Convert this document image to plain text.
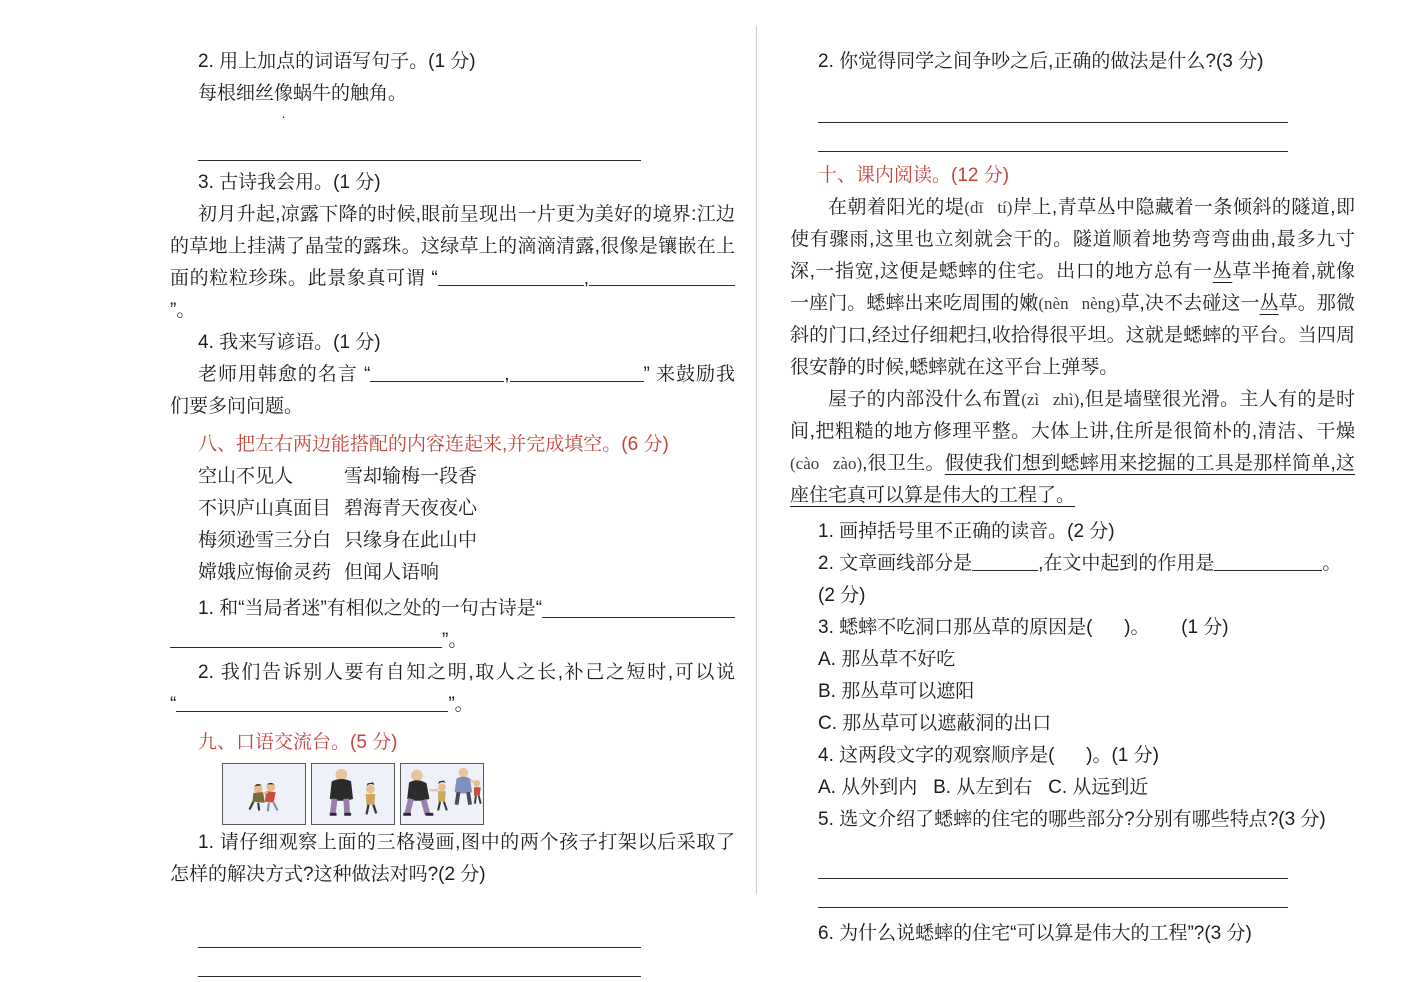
2. 用上加点的词语写句子。(1 分)
每根细丝像
·
蜗牛的触角。
3. 古诗我会用。(1 分)

初月升起,凉露下降的时候,眼前呈现出一片更为美好的境界:江边的草地上挂满了晶莹的露珠。这绿草上的滴滴清露,很像是镶嵌在上面的粒粒珍珠。此景象真可谓 “	,”。

4. 我来写谚语。(1 分)

老师用韩愈的名言 “	,	” 来鼓励我们要多问问题。

八、把左右两边能搭配的内容连起来,并完成填空。(6 分)
空山不见人	雪却输梅一段香
不识庐山真面目 碧海青天夜夜心
梅须逊雪三分白 只缘身在此山中
嫦娥应悔偷灵药 但闻人语响
1. 和“当局者迷”有相似之处的一句古诗是“
”。
2. 我们告诉别人要有自知之明,取人之长,补己之短时,可以说
“	”。
九、口语交流台。(5 分)

1. 请仔细观察上面的三格漫画,图中的两个孩子打架以后采取了怎样的解决方式?这种做法对吗?(2 分)

2. 你觉得同学之间争吵之后,正确的做法是什么?(3 分)
十、课内阅读。(12 分)

在朝着阳光的堤(dī   tí)岸上,青草丛中隐藏着一条倾斜的隧道,即使有骤雨,这里也立刻就会干的。隧道顺着地势弯弯曲曲,最多九寸深,一指宽,这便是蟋蟀的住宅。出口的地方总有一丛草半掩着,就像一座门。蟋蟀出来吃周围的嫩(nèn   nèng)草,决不去碰这一丛草。那微斜的门口,经过仔细耙扫,收拾得很平坦。这就是蟋蟀的平台。当四周很安静的时候,蟋蟀就在这平台上弹琴。

屋子的内部没什么布置(zì   zhì),但是墙壁很光滑。主人有的是时间,把粗糙的地方修理平整。大体上讲,住所是很简朴的,清洁、干燥(cào   zào),很卫生。假使我们想到蟋蟀用来挖掘的工具是那样简单,这座住宅真可以算是伟大的工程了。

1. 画掉括号里不正确的读音。(2 分)
2. 文章画线部分是	,在文中起到的作用是	。(2 分)
3. 蟋蟀不吃洞口那丛草的原因是(      )。      (1 分)
A. 那丛草不好吃
B. 那丛草可以遮阳
C. 那丛草可以遮蔽洞的出口
4. 这两段文字的观察顺序是(      )。(1 分)
A. 从外到内   B. 从左到右   C. 从远到近
5. 选文介绍了蟋蟀的住宅的哪些部分?分别有哪些特点?(3 分)
6. 为什么说蟋蟀的住宅“可以算是伟大的工程”?(3 分)
